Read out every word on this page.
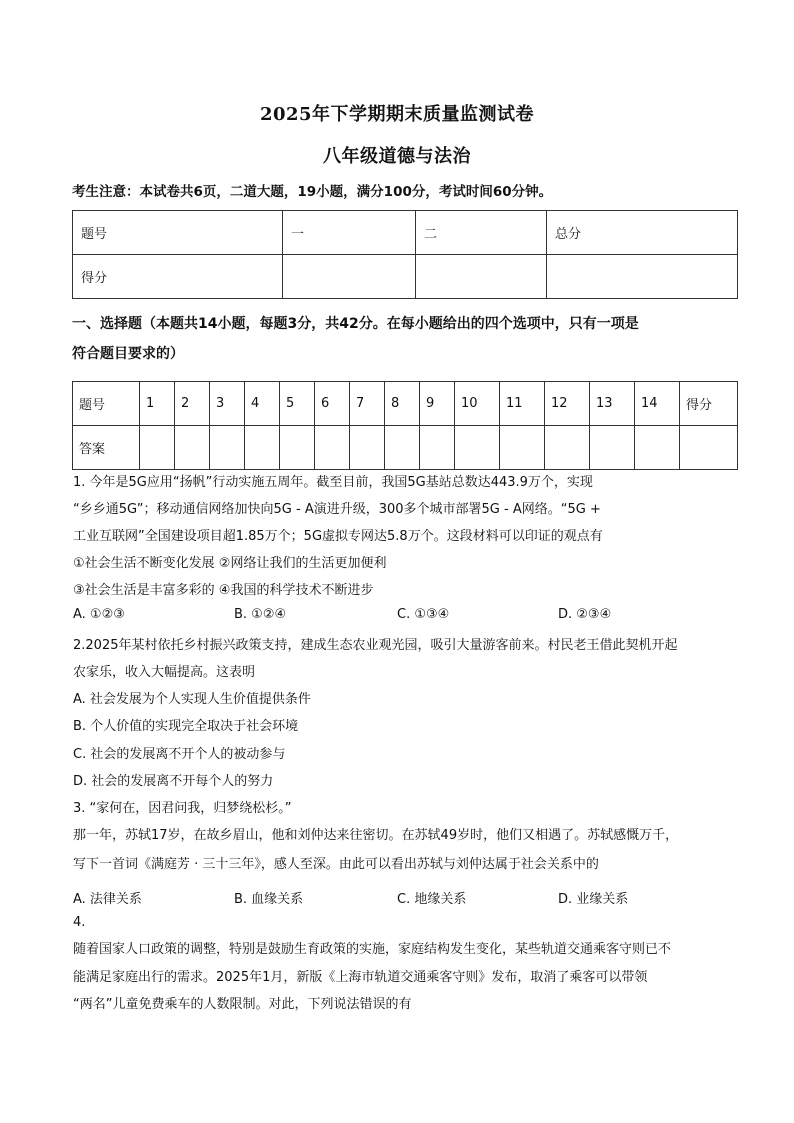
2025年下学期期末质量监测试卷
八年级道德与法治
考生注意：本试卷共6页，二道大题，19小题，满分100分，考试时间60分钟。
题号	一	二	总分
得分			
一、选择题（本题共14小题，每题3分，共42分。在每小题给出的四个选项中，只有一项是
符合题目要求的）
题号	1	2	3	4	5	6	7	8	9	10	11	12	13	14	得分
答案															
1. 今年是5G应用“扬帆”行动实施五周年。截至目前，我国5G基站总数达443.9万个，实现
“乡乡通5G”；移动通信网络加快向5G - A演进升级，300多个城市部署5G - A网络。“5G +
工业互联网”全国建设项目超1.85万个；5G虚拟专网达5.8万个。这段材料可以印证的观点有
①社会生活不断变化发展 ②网络让我们的生活更加便利
③社会生活是丰富多彩的 ④我国的科学技术不断进步
A. ①②③	B. ①②④	C. ①③④	D. ②③④
2.2025年某村依托乡村振兴政策支持，建成生态农业观光园，吸引大量游客前来。村民老王借此契机开起
农家乐，收入大幅提高。这表明
A. 社会发展为个人实现人生价值提供条件
B. 个人价值的实现完全取决于社会环境
C. 社会的发展离不开个人的被动参与
D. 社会的发展离不开每个人的努力
3. “家何在，因君问我，归梦绕松杉。”
那一年，苏轼17岁，在故乡眉山，他和刘仲达来往密切。在苏轼49岁时，他们又相遇了。苏轼感慨万千，
写下一首词《满庭芳 · 三十三年》，感人至深。由此可以看出苏轼与刘仲达属于社会关系中的
A. 法律关系	B. 血缘关系	C. 地缘关系	D. 业缘关系
4.
随着国家人口政策的调整，特别是鼓励生育政策的实施，家庭结构发生变化，某些轨道交通乘客守则已不
能满足家庭出行的需求。2025年1月，新版《上海市轨道交通乘客守则》发布，取消了乘客可以带领
“两名”儿童免费乘车的人数限制。对此，下列说法错误的有
